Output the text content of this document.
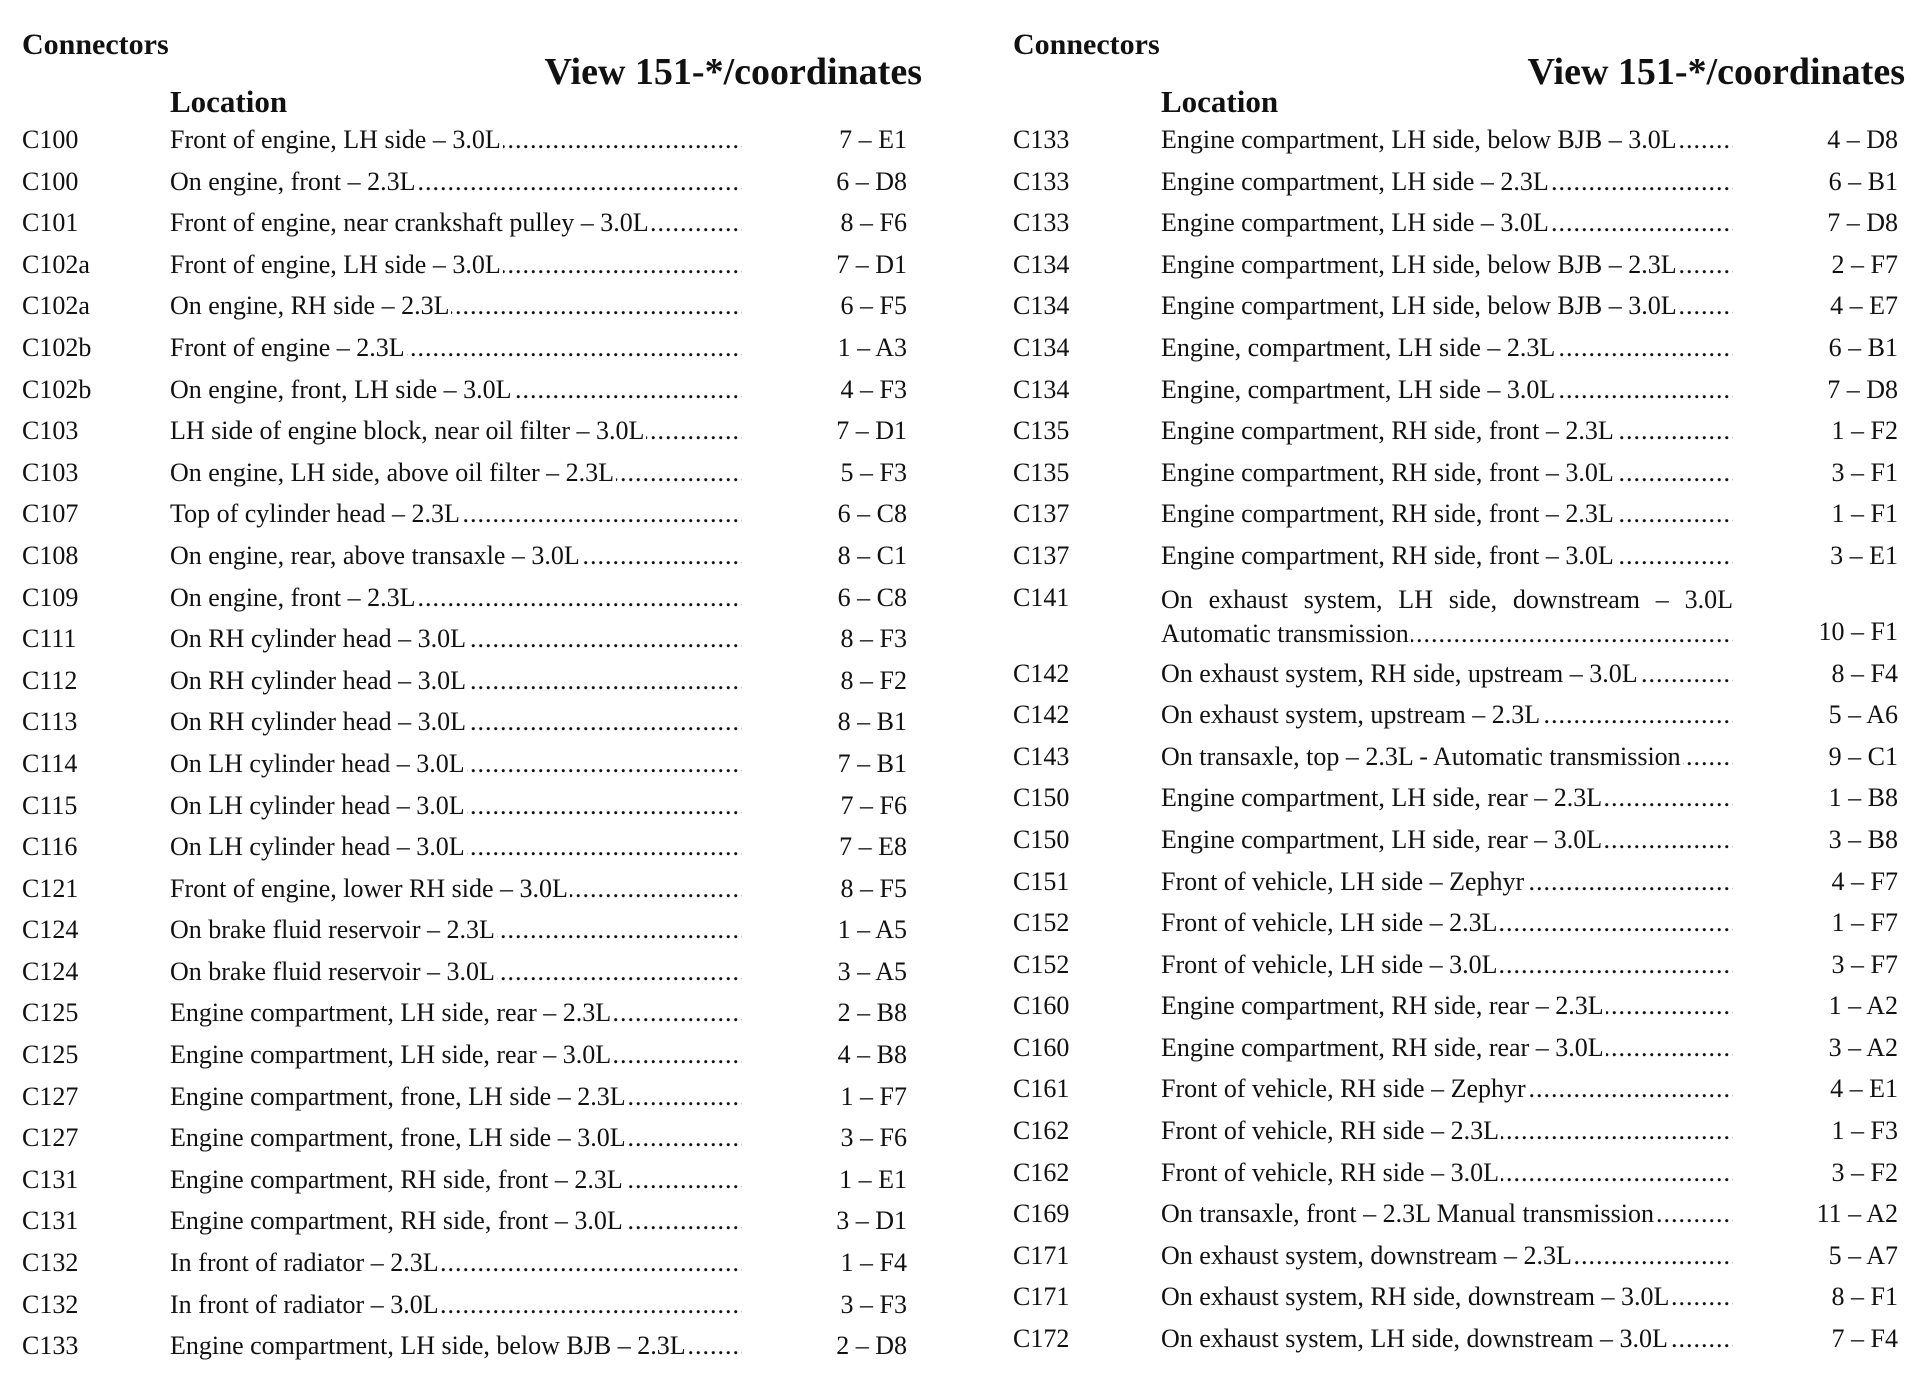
Connectors
View 151-*/coordinates
Location
C100	Front of engine, LH side – 3.0L .....	7 – E1
C100	On engine, front – 2.3L .....	6 – D8
C101	Front of engine, near crankshaft pulley – 3.0L .....	8 – F6
C102a	Front of engine, LH side – 3.0L .....	7 – D1
C102a	On engine, RH side – 2.3L .....	6 – F5
C102b	Front of engine – 2.3L .....	1 – A3
C102b	On engine, front, LH side – 3.0L .....	4 – F3
C103	LH side of engine block, near oil filter – 3.0L .....	7 – D1
C103	On engine, LH side, above oil filter – 2.3L .....	5 – F3
C107	Top of cylinder head – 2.3L .....	6 – C8
C108	On engine, rear, above transaxle – 3.0L .....	8 – C1
C109	On engine, front – 2.3L .....	6 – C8
C111	On RH cylinder head – 3.0L .....	8 – F3
C112	On RH cylinder head – 3.0L .....	8 – F2
C113	On RH cylinder head – 3.0L .....	8 – B1
C114	On LH cylinder head – 3.0L .....	7 – B1
C115	On LH cylinder head – 3.0L .....	7 – F6
C116	On LH cylinder head – 3.0L .....	7 – E8
C121	Front of engine, lower RH side – 3.0L .....	8 – F5
C124	On brake fluid reservoir – 2.3L .....	1 – A5
C124	On brake fluid reservoir – 3.0L .....	3 – A5
C125	Engine compartment, LH side, rear – 2.3L .....	2 – B8
C125	Engine compartment, LH side, rear – 3.0L .....	4 – B8
C127	Engine compartment, frone, LH side – 2.3L .....	1 – F7
C127	Engine compartment, frone, LH side – 3.0L .....	3 – F6
C131	Engine compartment, RH side, front – 2.3L .....	1 – E1
C131	Engine compartment, RH side, front – 3.0L .....	3 – D1
C132	In front of radiator – 2.3L .....	1 – F4
C132	In front of radiator – 3.0L .....	3 – F3
C133	Engine compartment, LH side, below BJB – 2.3L .....	2 – D8
Connectors
View 151-*/coordinates
Location
C133	Engine compartment, LH side, below BJB – 3.0L .....	4 – D8
C133	Engine compartment, LH side – 2.3L .....	6 – B1
C133	Engine compartment, LH side – 3.0L .....	7 – D8
C134	Engine compartment, LH side, below BJB – 2.3L .....	2 – F7
C134	Engine compartment, LH side, below BJB – 3.0L .....	4 – E7
C134	Engine, compartment, LH side – 2.3L .....	6 – B1
C134	Engine, compartment, LH side – 3.0L .....	7 – D8
C135	Engine compartment, RH side, front – 2.3L .....	1 – F2
C135	Engine compartment, RH side, front – 3.0L .....	3 – F1
C137	Engine compartment, RH side, front – 2.3L .....	1 – F1
C137	Engine compartment, RH side, front – 3.0L .....	3 – E1
C141	On exhaust system, LH side, downstream – 3.0L
Automatic transmission .....	10 – F1
C142	On exhaust system, RH side, upstream – 3.0L .....	8 – F4
C142	On exhaust system, upstream – 2.3L .....	5 – A6
C143	On transaxle, top – 2.3L - Automatic transmission .....	9 – C1
C150	Engine compartment, LH side, rear – 2.3L .....	1 – B8
C150	Engine compartment, LH side, rear – 3.0L .....	3 – B8
C151	Front of vehicle, LH side – Zephyr .....	4 – F7
C152	Front of vehicle, LH side – 2.3L .....	1 – F7
C152	Front of vehicle, LH side – 3.0L .....	3 – F7
C160	Engine compartment, RH side, rear – 2.3L .....	1 – A2
C160	Engine compartment, RH side, rear – 3.0L .....	3 – A2
C161	Front of vehicle, RH side – Zephyr .....	4 – E1
C162	Front of vehicle, RH side – 2.3L .....	1 – F3
C162	Front of vehicle, RH side – 3.0L .....	3 – F2
C169	On transaxle, front – 2.3L Manual transmission .....	11 – A2
C171	On exhaust system, downstream – 2.3L .....	5 – A7
C171	On exhaust system, RH side, downstream – 3.0L .....	8 – F1
C172	On exhaust system, LH side, downstream – 3.0L .....	7 – F4
